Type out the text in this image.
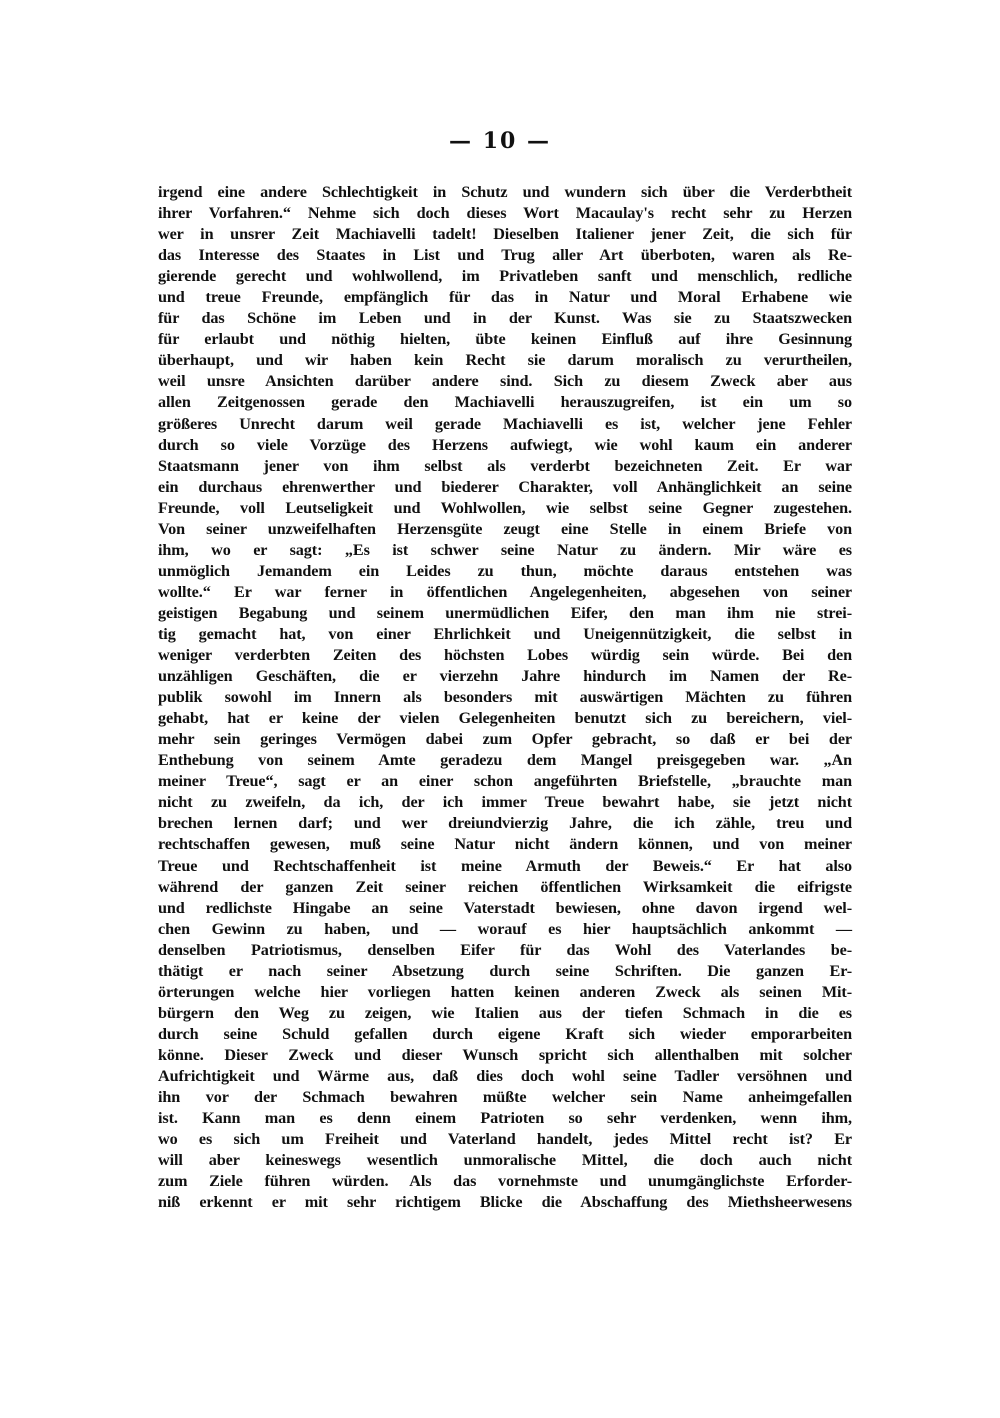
— 10 —
irgend eine andere Schlechtigkeit in Schutz und wundern sich über die Verderbtheit
ihrer Vorfahren.“ Nehme sich doch dieses Wort Macaulay's recht sehr zu Herzen
wer in unsrer Zeit Machiavelli tadelt! Dieselben Italiener jener Zeit, die sich für
das Interesse des Staates in List und Trug aller Art überboten, waren als Re-
gierende gerecht und wohlwollend, im Privatleben sanft und menschlich, redliche
und treue Freunde, empfänglich für das in Natur und Moral Erhabene wie
für das Schöne im Leben und in der Kunst. Was sie zu Staatszwecken
für erlaubt und nöthig hielten, übte keinen Einfluß auf ihre Gesinnung
überhaupt, und wir haben kein Recht sie darum moralisch zu verurtheilen,
weil unsre Ansichten darüber andere sind. Sich zu diesem Zweck aber aus
allen Zeitgenossen gerade den Machiavelli herauszugreifen, ist ein um so
größeres Unrecht darum weil gerade Machiavelli es ist, welcher jene Fehler
durch so viele Vorzüge des Herzens aufwiegt, wie wohl kaum ein anderer
Staatsmann jener von ihm selbst als verderbt bezeichneten Zeit. Er war
ein durchaus ehrenwerther und biederer Charakter, voll Anhänglichkeit an seine
Freunde, voll Leutseligkeit und Wohlwollen, wie selbst seine Gegner zugestehen.
Von seiner unzweifelhaften Herzensgüte zeugt eine Stelle in einem Briefe von
ihm, wo er sagt: „Es ist schwer seine Natur zu ändern. Mir wäre es
unmöglich Jemandem ein Leides zu thun, möchte daraus entstehen was
wollte.“ Er war ferner in öffentlichen Angelegenheiten, abgesehen von seiner
geistigen Begabung und seinem unermüdlichen Eifer, den man ihm nie strei-
tig gemacht hat, von einer Ehrlichkeit und Uneigennützigkeit, die selbst in
weniger verderbten Zeiten des höchsten Lobes würdig sein würde. Bei den
unzähligen Geschäften, die er vierzehn Jahre hindurch im Namen der Re-
publik sowohl im Innern als besonders mit auswärtigen Mächten zu führen
gehabt, hat er keine der vielen Gelegenheiten benutzt sich zu bereichern, viel-
mehr sein geringes Vermögen dabei zum Opfer gebracht, so daß er bei der
Enthebung von seinem Amte geradezu dem Mangel preisgegeben war. „An
meiner Treue“, sagt er an einer schon angeführten Briefstelle, „brauchte man
nicht zu zweifeln, da ich, der ich immer Treue bewahrt habe, sie jetzt nicht
brechen lernen darf; und wer dreiundvierzig Jahre, die ich zähle, treu und
rechtschaffen gewesen, muß seine Natur nicht ändern können, und von meiner
Treue und Rechtschaffenheit ist meine Armuth der Beweis.“ Er hat also
während der ganzen Zeit seiner reichen öffentlichen Wirksamkeit die eifrigste
und redlichste Hingabe an seine Vaterstadt bewiesen, ohne davon irgend wel-
chen Gewinn zu haben, und — worauf es hier hauptsächlich ankommt —
denselben Patriotismus, denselben Eifer für das Wohl des Vaterlandes be-
thätigt er nach seiner Absetzung durch seine Schriften. Die ganzen Er-
örterungen welche hier vorliegen hatten keinen anderen Zweck als seinen Mit-
bürgern den Weg zu zeigen, wie Italien aus der tiefen Schmach in die es
durch seine Schuld gefallen durch eigene Kraft sich wieder emporarbeiten
könne. Dieser Zweck und dieser Wunsch spricht sich allenthalben mit solcher
Aufrichtigkeit und Wärme aus, daß dies doch wohl seine Tadler versöhnen und
ihn vor der Schmach bewahren müßte welcher sein Name anheimgefallen
ist. Kann man es denn einem Patrioten so sehr verdenken, wenn ihm,
wo es sich um Freiheit und Vaterland handelt, jedes Mittel recht ist? Er
will aber keineswegs wesentlich unmoralische Mittel, die doch auch nicht
zum Ziele führen würden. Als das vornehmste und unumgänglichste Erforder-
niß erkennt er mit sehr richtigem Blicke die Abschaffung des Miethsheerwesens
